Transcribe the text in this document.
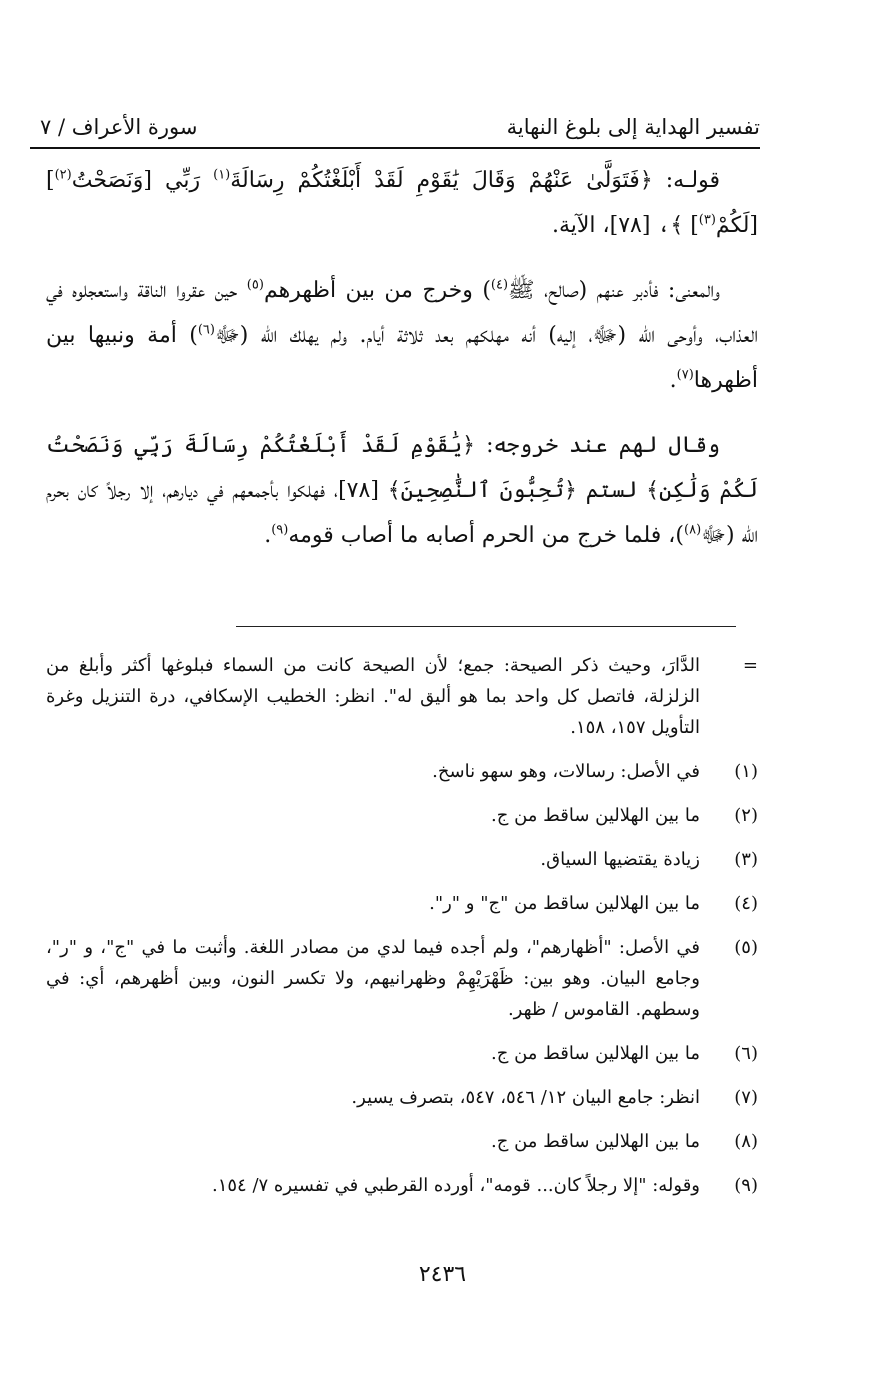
تفسير الهداية إلى بلوغ النهاية
سورة الأعراف / ٧

قولـه: ﴿فَتَوَلَّىٰ عَنْهُمْ وَقَالَ يَٰقَوْمِ لَقَدْ أَبْلَغْتُكُمْ رِسَالَةَ$^{(١)}$ رَبِّي [وَنَصَحْتُ$^{(٢)}$] [لَكُمْ$^{(٣)}$] ﴾، [٧٨]، الآية.

والمعنى: فأدبر عنهم (صالح، ﷺ$^{(٤)}$) وخرج من بين أظهرهم$^{(٥)}$ حين عقروا الناقة واستعجلوه في العذاب، وأوحى الله (ﷻ، إليه) أنه مهلكهم بعد ثلاثة أيام. ولم يهلك الله (ﷻ$^{(٦)}$) أمة ونبيها بين أظهرها$^{(٧)}$.

وقال لهم عند خروجه: ﴿يَٰقَوْمِ لَقَدْ أَبْلَغْتُكُمْ رِسَالَةَ رَبِّي وَنَصَحْتُ لَكُمْ وَلَٰكِن﴾ لستم ﴿تُحِبُّونَ ٱلنَّٰصِحِينَ﴾ [٧٨]، فهلكوا بأجمعهم في ديارهم، إلا رجلاً كان بحرم الله (ﷻ$^{(٨)}$)، فلما خرج من الحرم أصابه ما أصاب قومه$^{(٩)}$.

=
الدَّارَ، وحيث ذكر الصيحة: جمع؛ لأن الصيحة كانت من السماء فبلوغها أكثر وأبلغ من الزلزلة، فاتصل كل واحد بما هو أليق له". انظر: الخطيب الإسكافي، درة التنزيل وغرة التأويل ١٥٧، ١٥٨.
(١)
في الأصل: رسالات، وهو سهو ناسخ.
(٢)
ما بين الهلالين ساقط من ج.
(٣)
زيادة يقتضيها السياق.
(٤)
ما بين الهلالين ساقط من "ج" و "ر".
(٥)
في الأصل: "أظهارهم"، ولم أجده فيما لدي من مصادر اللغة. وأثبت ما في "ج"، و "ر"، وجامع البيان. وهو بين: ظَهْرَيْهِمْ وظهرانيهم، ولا تكسر النون، وبين أظهرهم، أي: في وسطهم. القاموس / ظهر.
(٦)
ما بين الهلالين ساقط من ج.
(٧)
انظر: جامع البيان ١٢/ ٥٤٦، ٥٤٧، بتصرف يسير.
(٨)
ما بين الهلالين ساقط من ج.
(٩)
وقوله: "إلا رجلاً كان... قومه"، أورده القرطبي في تفسيره ٧/ ١٥٤.
٢٤٣٦
